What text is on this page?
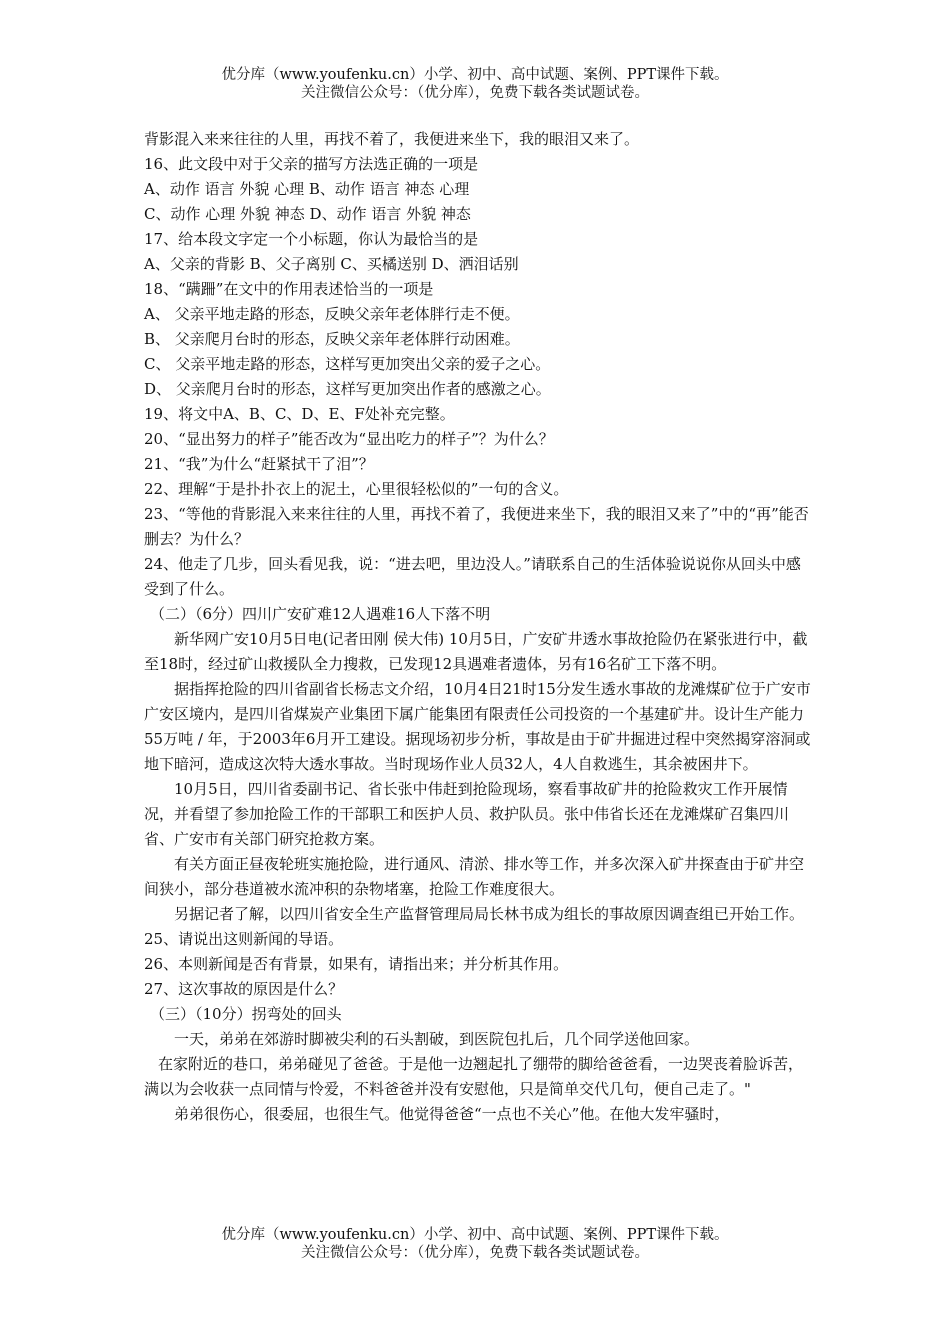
优分库（www.youfenku.cn）小学、初中、高中试题、案例、PPT课件下载。
关注微信公众号：（优分库），免费下载各类试题试卷。

背影混入来来往往的人里，再找不着了，我便进来坐下，我的眼泪又来了。

16、此文段中对于父亲的描写方法选正确的一项是

A、动作 语言 外貌 心理 B、动作 语言 神态 心理

C、动作 心理 外貌 神态 D、动作 语言 外貌 神态

17、给本段文字定一个小标题，你认为最恰当的是

A、父亲的背影 B、父子离别 C、买橘送别 D、洒泪话别

18、“蹒跚”在文中的作用表述恰当的一项是

A、 父亲平地走路的形态，反映父亲年老体胖行走不便。

B、 父亲爬月台时的形态，反映父亲年老体胖行动困难。

C、 父亲平地走路的形态，这样写更加突出父亲的爱子之心。

D、 父亲爬月台时的形态，这样写更加突出作者的感激之心。

19、将文中A、B、C、D、E、F处补充完整。

20、“显出努力的样子”能否改为“显出吃力的样子”？为什么？

21、“我”为什么“赶紧拭干了泪”？

22、理解“于是扑扑衣上的泥土，心里很轻松似的”一句的含义。

23、“等他的背影混入来来往往的人里，再找不着了，我便进来坐下，我的眼泪又来了”中的“再”能否删去？为什么？

24、他走了几步，回头看见我，说：“进去吧，里边没人。”请联系自己的生活体验说说你从回头中感受到了什么。

（二）（6分）四川广安矿难12人遇难16人下落不明

新华网广安10月5日电(记者田刚 侯大伟) 10月5日，广安矿井透水事故抢险仍在紧张进行中，截至18时，经过矿山救援队全力搜救，已发现12具遇难者遗体，另有16名矿工下落不明。

据指挥抢险的四川省副省长杨志文介绍，10月4日21时15分发生透水事故的龙滩煤矿位于广安市广安区境内，是四川省煤炭产业集团下属广能集团有限责任公司投资的一个基建矿井。设计生产能力55万吨 / 年，于2003年6月开工建设。据现场初步分析，事故是由于矿井掘进过程中突然揭穿溶洞或地下暗河，造成这次特大透水事故。当时现场作业人员32人，4人自救逃生，其余被困井下。

10月5日，四川省委副书记、省长张中伟赶到抢险现场，察看事故矿井的抢险救灾工作开展情况，并看望了参加抢险工作的干部职工和医护人员、救护队员。张中伟省长还在龙滩煤矿召集四川省、广安市有关部门研究抢救方案。

有关方面正昼夜轮班实施抢险，进行通风、清淤、排水等工作，并多次深入矿井探查由于矿井空间狭小，部分巷道被水流冲积的杂物堵塞，抢险工作难度很大。

另据记者了解，以四川省安全生产监督管理局局长林书成为组长的事故原因调查组已开始工作。

25、请说出这则新闻的导语。

26、本则新闻是否有背景，如果有，请指出来；并分析其作用。

27、这次事故的原因是什么？

（三）（10分）拐弯处的回头

一天，弟弟在郊游时脚被尖利的石头割破，到医院包扎后，几个同学送他回家。

在家附近的巷口，弟弟碰见了爸爸。于是他一边翘起扎了绷带的脚给爸爸看，一边哭丧着脸诉苦，满以为会收获一点同情与怜爱，不料爸爸并没有安慰他，只是简单交代几句，便自己走了。"

弟弟很伤心，很委屈，也很生气。他觉得爸爸“一点也不关心”他。在他大发牢骚时，

优分库（www.youfenku.cn）小学、初中、高中试题、案例、PPT课件下载。
关注微信公众号：（优分库），免费下载各类试题试卷。
